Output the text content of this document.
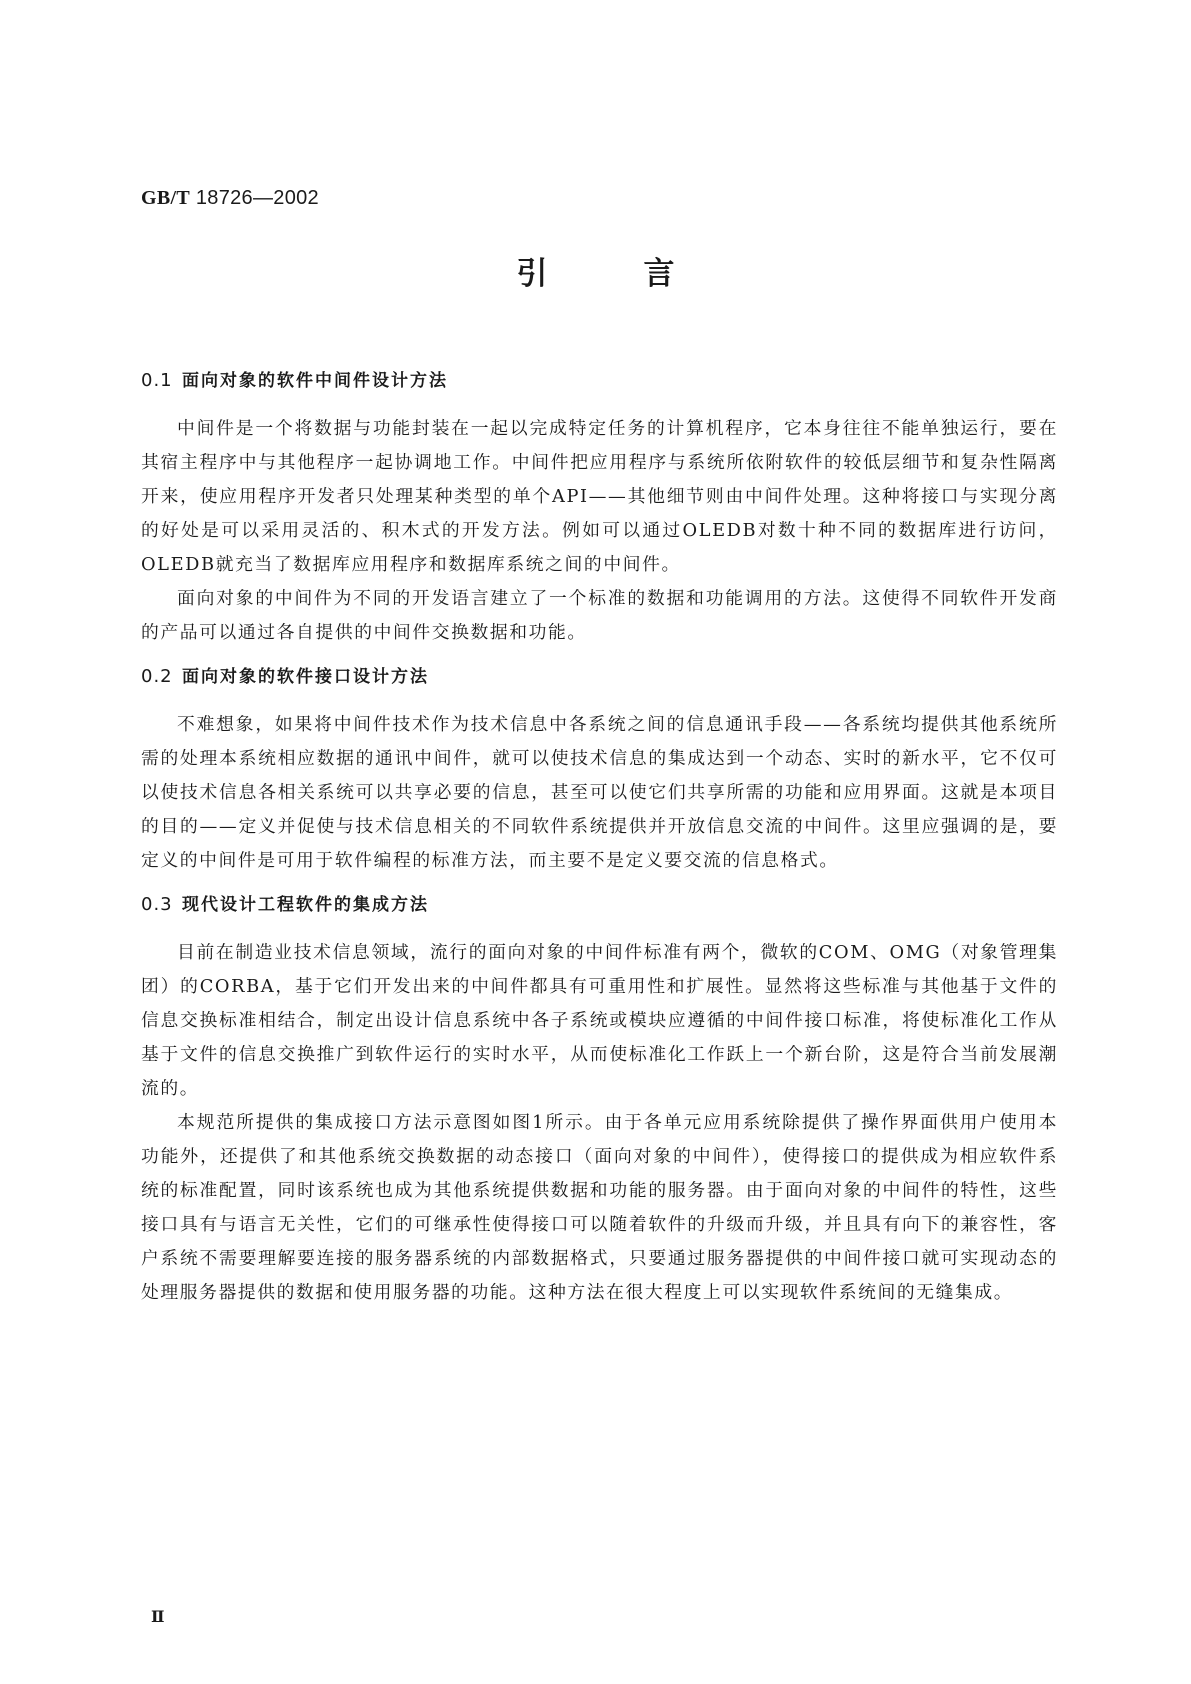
GB/T 18726—2002
引言
0.1 面向对象的软件中间件设计方法

中间件是一个将数据与功能封装在一起以完成特定任务的计算机程序，它本身往往不能单独运行，要在其宿主程序中与其他程序一起协调地工作。中间件把应用程序与系统所依附软件的较低层细节和复杂性隔离开来，使应用程序开发者只处理某种类型的单个API——其他细节则由中间件处理。这种将接口与实现分离的好处是可以采用灵活的、积木式的开发方法。例如可以通过OLEDB对数十种不同的数据库进行访问，OLEDB就充当了数据库应用程序和数据库系统之间的中间件。

面向对象的中间件为不同的开发语言建立了一个标准的数据和功能调用的方法。这使得不同软件开发商的产品可以通过各自提供的中间件交换数据和功能。

0.2 面向对象的软件接口设计方法

不难想象，如果将中间件技术作为技术信息中各系统之间的信息通讯手段——各系统均提供其他系统所需的处理本系统相应数据的通讯中间件，就可以使技术信息的集成达到一个动态、实时的新水平，它不仅可以使技术信息各相关系统可以共享必要的信息，甚至可以使它们共享所需的功能和应用界面。这就是本项目的目的——定义并促使与技术信息相关的不同软件系统提供并开放信息交流的中间件。这里应强调的是，要定义的中间件是可用于软件编程的标准方法，而主要不是定义要交流的信息格式。

0.3 现代设计工程软件的集成方法

目前在制造业技术信息领域，流行的面向对象的中间件标准有两个，微软的COM、OMG（对象管理集团）的CORBA，基于它们开发出来的中间件都具有可重用性和扩展性。显然将这些标准与其他基于文件的信息交换标准相结合，制定出设计信息系统中各子系统或模块应遵循的中间件接口标准，将使标准化工作从基于文件的信息交换推广到软件运行的实时水平，从而使标准化工作跃上一个新台阶，这是符合当前发展潮流的。

本规范所提供的集成接口方法示意图如图1所示。由于各单元应用系统除提供了操作界面供用户使用本功能外，还提供了和其他系统交换数据的动态接口（面向对象的中间件），使得接口的提供成为相应软件系统的标准配置，同时该系统也成为其他系统提供数据和功能的服务器。由于面向对象的中间件的特性，这些接口具有与语言无关性，它们的可继承性使得接口可以随着软件的升级而升级，并且具有向下的兼容性，客户系统不需要理解要连接的服务器系统的内部数据格式，只要通过服务器提供的中间件接口就可实现动态的处理服务器提供的数据和使用服务器的功能。这种方法在很大程度上可以实现软件系统间的无缝集成。

Ⅱ
